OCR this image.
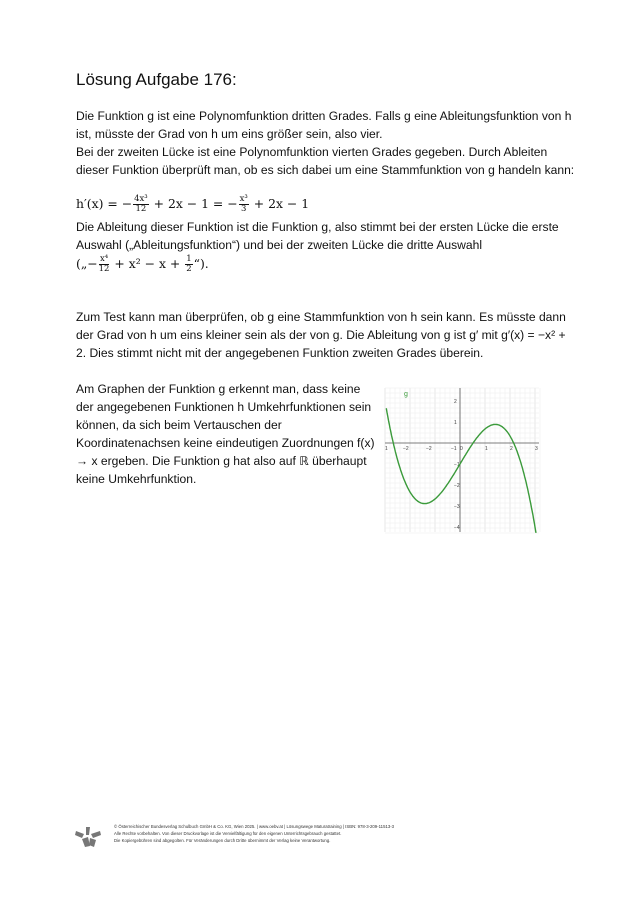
Lösung Aufgabe 176:

Die Funktion g ist eine Polynomfunktion dritten Grades. Falls g eine Ableitungsfunktion von h ist, müsste der Grad von h um eins größer sein, also vier.

Bei der zweiten Lücke ist eine Polynomfunktion vierten Grades gegeben. Durch Ableiten dieser Funktion überprüft man, ob es sich dabei um eine Stammfunktion von g handeln kann:

h′(x) = − $\frac{\text{4x³}}{12} + 2x - 1$ = − $\frac{\text{x³}}{3} + 2x - 1$

Die Ableitung dieser Funktion ist die Funktion g, also stimmt bei der ersten Lücke die erste Auswahl („Ableitungsfunktion“) und bei der zweiten Lücke die dritte Auswahl

(„− $\frac{\text{x⁴}}{12} + x^2 - x + \frac{1}{2}$ “).

Zum Test kann man überprüfen, ob g eine Stammfunktion von h sein kann. Es müsste dann der Grad von h um eins kleiner sein als der von g. Die Ableitung von g ist g′ mit g′(x) = −x² + 2. Dies stimmt nicht mit der angegebenen Funktion zweiten Grades überein.

Am Graphen der Funktion g erkennt man, dass keine der angegebenen Funktionen h Umkehrfunktionen sein können, da sich beim Vertauschen der Koordinatenachsen keine eindeutigen Zuordnungen f(x) → x ergeben. Die Funktion g hat also auf ℝ überhaupt keine Umkehrfunktion.

1	−2	−2	−1 0	1	2	3
2
1
−1
−2
−3
−4
g
© Österreichischer Bundesverlag Schulbuch GmbH & Co. KG, Wien 2025. | www.oebv.at | Lösungswege Maturatraining | ISBN: 978-3-209-11513-3
Alle Rechte vorbehalten. Von dieser Druckvorlage ist die Vervielfältigung für den eigenen Unterrichtsgebrauch gestattet.
Die Kopiergebühren sind abgegolten. Für Veränderungen durch Dritte übernimmt der Verlag keine Verantwortung.
